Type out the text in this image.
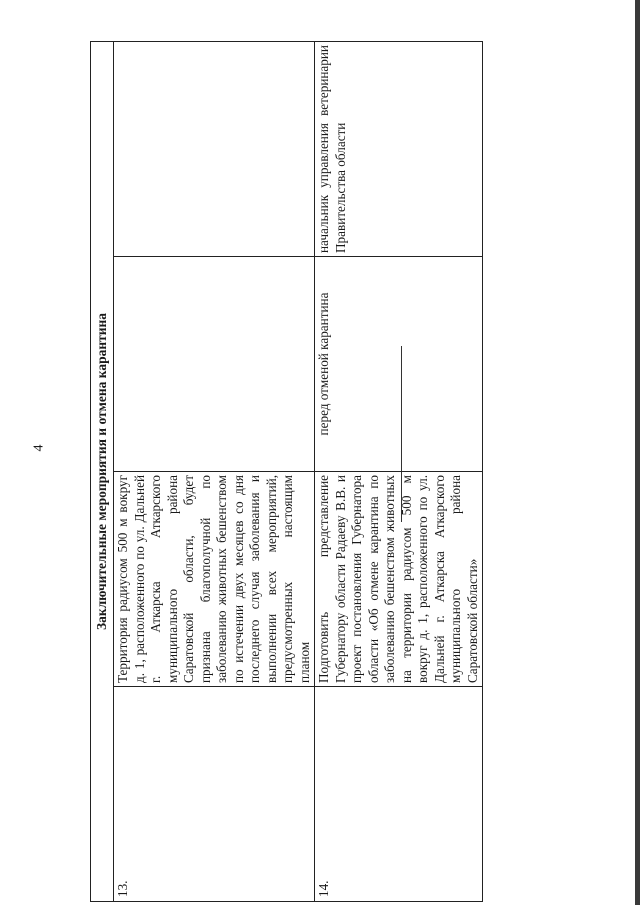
4	Заключительные мероприятия и отмена карантина			
13.	Территория радиусом 500 м вокруг д. 1, расположенного по ул. Дальней г. Аткарска Аткарского муниципального района Саратовской области, будет признана благополучной по заболеванию животных бешенством по истечении двух месяцев со дня последнего случая заболевания и выполнении всех мероприятий, предусмотренных настоящим планом		
14.	Подготовить представление Губернатору области Радаеву В.В. и проект постановления Губернатора области «Об отмене карантина по заболеванию бешенством животных на территории радиусом 500 м вокруг д. 1, расположенного по ул. Дальней г. Аткарска Аткарского муниципального района Саратовской области»	перед отменой карантина	начальник управления ветеринарии Правительства области
